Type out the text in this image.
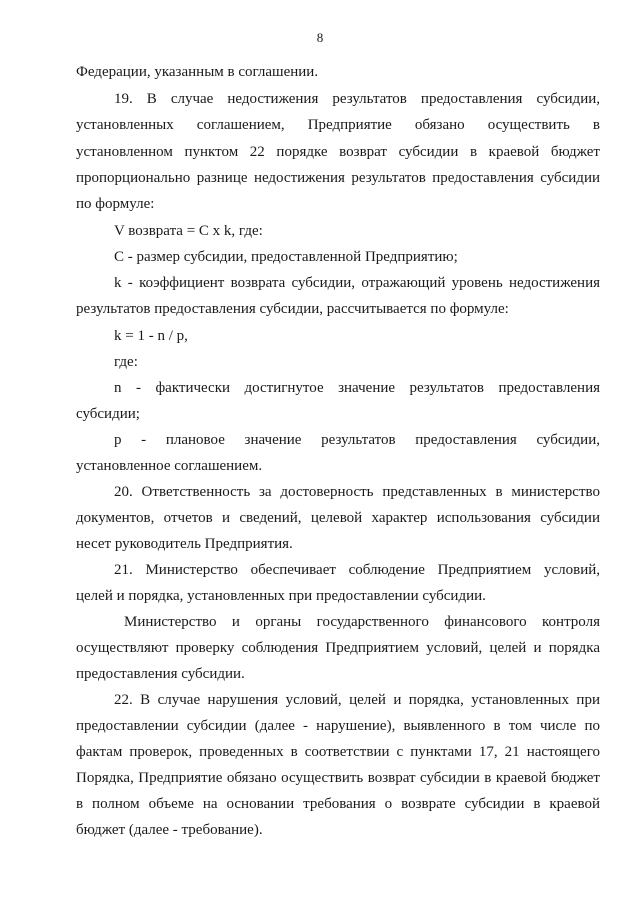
8
Федерации, указанным в соглашении.
19. В случае недостижения результатов предоставления субсидии,
установленных соглашением, Предприятие обязано осуществить в
установленном пунктом 22 порядке возврат субсидии в краевой бюджет
пропорционально разнице недостижения результатов предоставления субсидии
по формуле:
V возврата = C x k, где:
C - размер субсидии, предоставленной Предприятию;
k - коэффициент возврата субсидии, отражающий уровень недостижения
результатов предоставления субсидии, рассчитывается по формуле:
k = 1 - n / p,
где:
n - фактически достигнутое значение результатов предоставления
субсидии;
p - плановое значение результатов предоставления субсидии,
установленное соглашением.
20. Ответственность за достоверность представленных в министерство
документов, отчетов и сведений, целевой характер использования субсидии
несет руководитель Предприятия.
21. Министерство обеспечивает соблюдение Предприятием условий,
целей и порядка, установленных при предоставлении субсидии.
Министерство и органы государственного финансового контроля
осуществляют проверку соблюдения Предприятием условий, целей и порядка
предоставления субсидии.
22. В случае нарушения условий, целей и порядка, установленных при
предоставлении субсидии (далее - нарушение), выявленного в том числе по
фактам проверок, проведенных в соответствии с пунктами 17, 21 настоящего
Порядка, Предприятие обязано осуществить возврат субсидии в краевой бюджет
в полном объеме на основании требования о возврате субсидии в краевой
бюджет (далее - требование).
